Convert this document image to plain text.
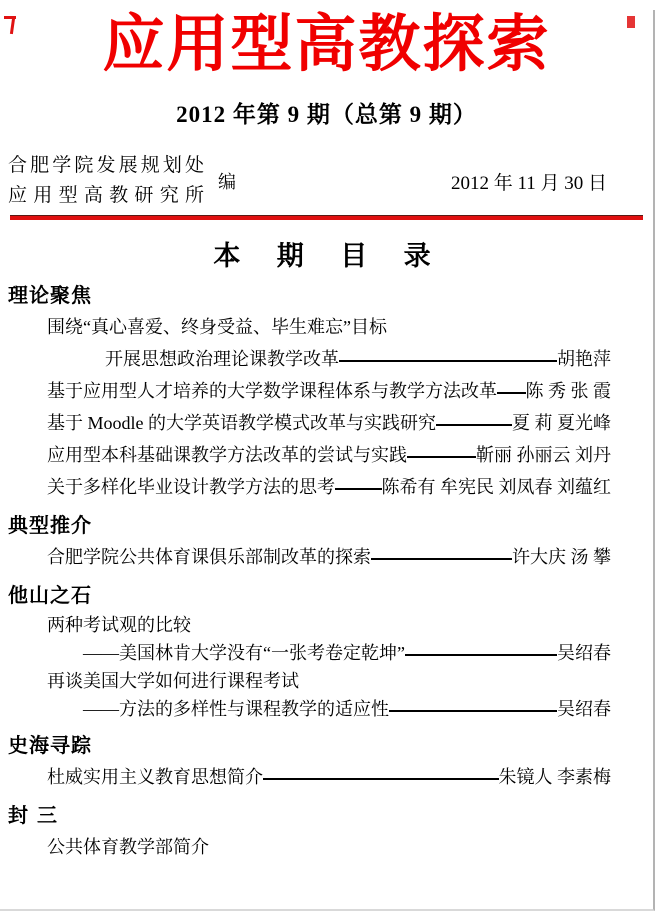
应用型高教探索
2012 年第 9 期（总第 9 期）
合肥学院发展规划处
应用型高教研究所
编	2012 年 11 月 30 日
本 期 目 录
理论聚焦
围绕“真心喜爱、终身受益、毕生难忘”目标
开展思想政治理论课教学改革	胡艳萍
基于应用型人才培养的大学数学课程体系与教学方法改革 陈 秀 张 霞
基于 Moodle 的大学英语教学模式改革与实践研究	夏 莉 夏光峰
应用型本科基础课教学方法改革的尝试与实践	靳丽 孙丽云 刘丹
关于多样化毕业设计教学方法的思考	陈希有 牟宪民 刘凤春 刘蕴红
典型推介
合肥学院公共体育课俱乐部制改革的探索	许大庆 汤 攀
他山之石
两种考试观的比较
——美国林肯大学没有“一张考卷定乾坤”	吴绍春
再谈美国大学如何进行课程考试
——方法的多样性与课程教学的适应性	吴绍春
史海寻踪
杜威实用主义教育思想简介	朱镜人 李素梅
封 三
公共体育教学部简介
